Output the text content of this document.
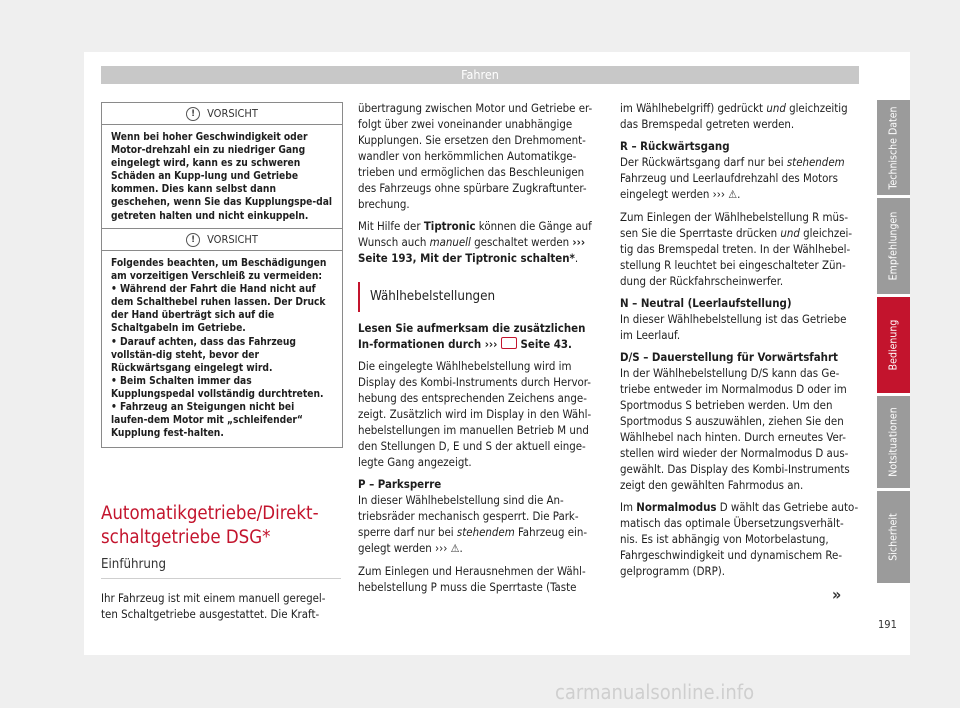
Fahren
!	VORSICHT

Wenn bei hoher Geschwindigkeit oder Motor-drehzahl ein zu niedriger Gang eingelegt wird, kann es zu schweren Schäden an Kupp-lung und Getriebe kommen. Dies kann selbst dann geschehen, wenn Sie das Kupplungspe-dal getreten halten und nicht einkuppeln.

!	VORSICHT

Folgendes beachten, um Beschädigungen am vorzeitigen Verschleiß zu vermeiden:

• Während der Fahrt die Hand nicht auf dem Schalthebel ruhen lassen. Der Druck der Hand überträgt sich auf die Schaltgabeln im Getriebe.

• Darauf achten, dass das Fahrzeug vollstän-dig steht, bevor der Rückwärtsgang eingelegt wird.

• Beim Schalten immer das Kupplungspedal vollständig durchtreten.

• Fahrzeug an Steigungen nicht bei laufen-dem Motor mit „schleifender“ Kupplung fest-halten.

Automatikgetriebe/Direkt-schaltgetriebe DSG*
Einführung

Ihr Fahrzeug ist mit einem manuell geregel-ten Schaltgetriebe ausgestattet. Die Kraft-

übertragung zwischen Motor und Getriebe er-folgt über zwei voneinander unabhängige Kupplungen. Sie ersetzen den Drehmoment-wandler von herkömmlichen Automatikge-trieben und ermöglichen das Beschleunigen des Fahrzeugs ohne spürbare Zugkraftunter-brechung.

Mit Hilfe der Tiptronic können die Gänge auf Wunsch auch manuell geschaltet werden ››› Seite 193, Mit der Tiptronic schalten*.

Wählhebelstellungen

Lesen Sie aufmerksam die zusätzlichen In-formationen durch ›››  Seite 43.

Die eingelegte Wählhebelstellung wird im Display des Kombi-Instruments durch Hervor-hebung des entsprechenden Zeichens ange-zeigt. Zusätzlich wird im Display in den Wähl-hebelstellungen im manuellen Betrieb M und den Stellungen D, E und S der aktuell einge-legte Gang angezeigt.

P – Parksperre

In dieser Wählhebelstellung sind die An-triebsräder mechanisch gesperrt. Die Park-sperre darf nur bei stehendem Fahrzeug ein-gelegt werden ››› ⚠.

Zum Einlegen und Herausnehmen der Wähl-hebelstellung P muss die Sperrtaste (Taste

im Wählhebelgriff) gedrückt und gleichzeitig das Bremspedal getreten werden.

R – Rückwärtsgang

Der Rückwärtsgang darf nur bei stehendem Fahrzeug und Leerlaufdrehzahl des Motors eingelegt werden ››› ⚠.

Zum Einlegen der Wählhebelstellung R müs-sen Sie die Sperrtaste drücken und gleichzei-tig das Bremspedal treten. In der Wählhebel-stellung R leuchtet bei eingeschalteter Zün-dung der Rückfahrscheinwerfer.

N – Neutral (Leerlaufstellung)

In dieser Wählhebelstellung ist das Getriebe im Leerlauf.

D/S – Dauerstellung für Vorwärtsfahrt

In der Wählhebelstellung D/S kann das Ge-triebe entweder im Normalmodus D oder im Sportmodus S betrieben werden. Um den Sportmodus S auszuwählen, ziehen Sie den Wählhebel nach hinten. Durch erneutes Ver-stellen wird wieder der Normalmodus D aus-gewählt. Das Display des Kombi-Instruments zeigt den gewählten Fahrmodus an.

Im Normalmodus D wählt das Getriebe auto-matisch das optimale Übersetzungsverhält-nis. Es ist abhängig von Motorbelastung, Fahrgeschwindigkeit und dynamischem Re-gelprogramm (DRP).

»
Technische Daten
Empfehlungen
Bedienung
Notsituationen
Sicherheit
191
carmanualsonline.info
